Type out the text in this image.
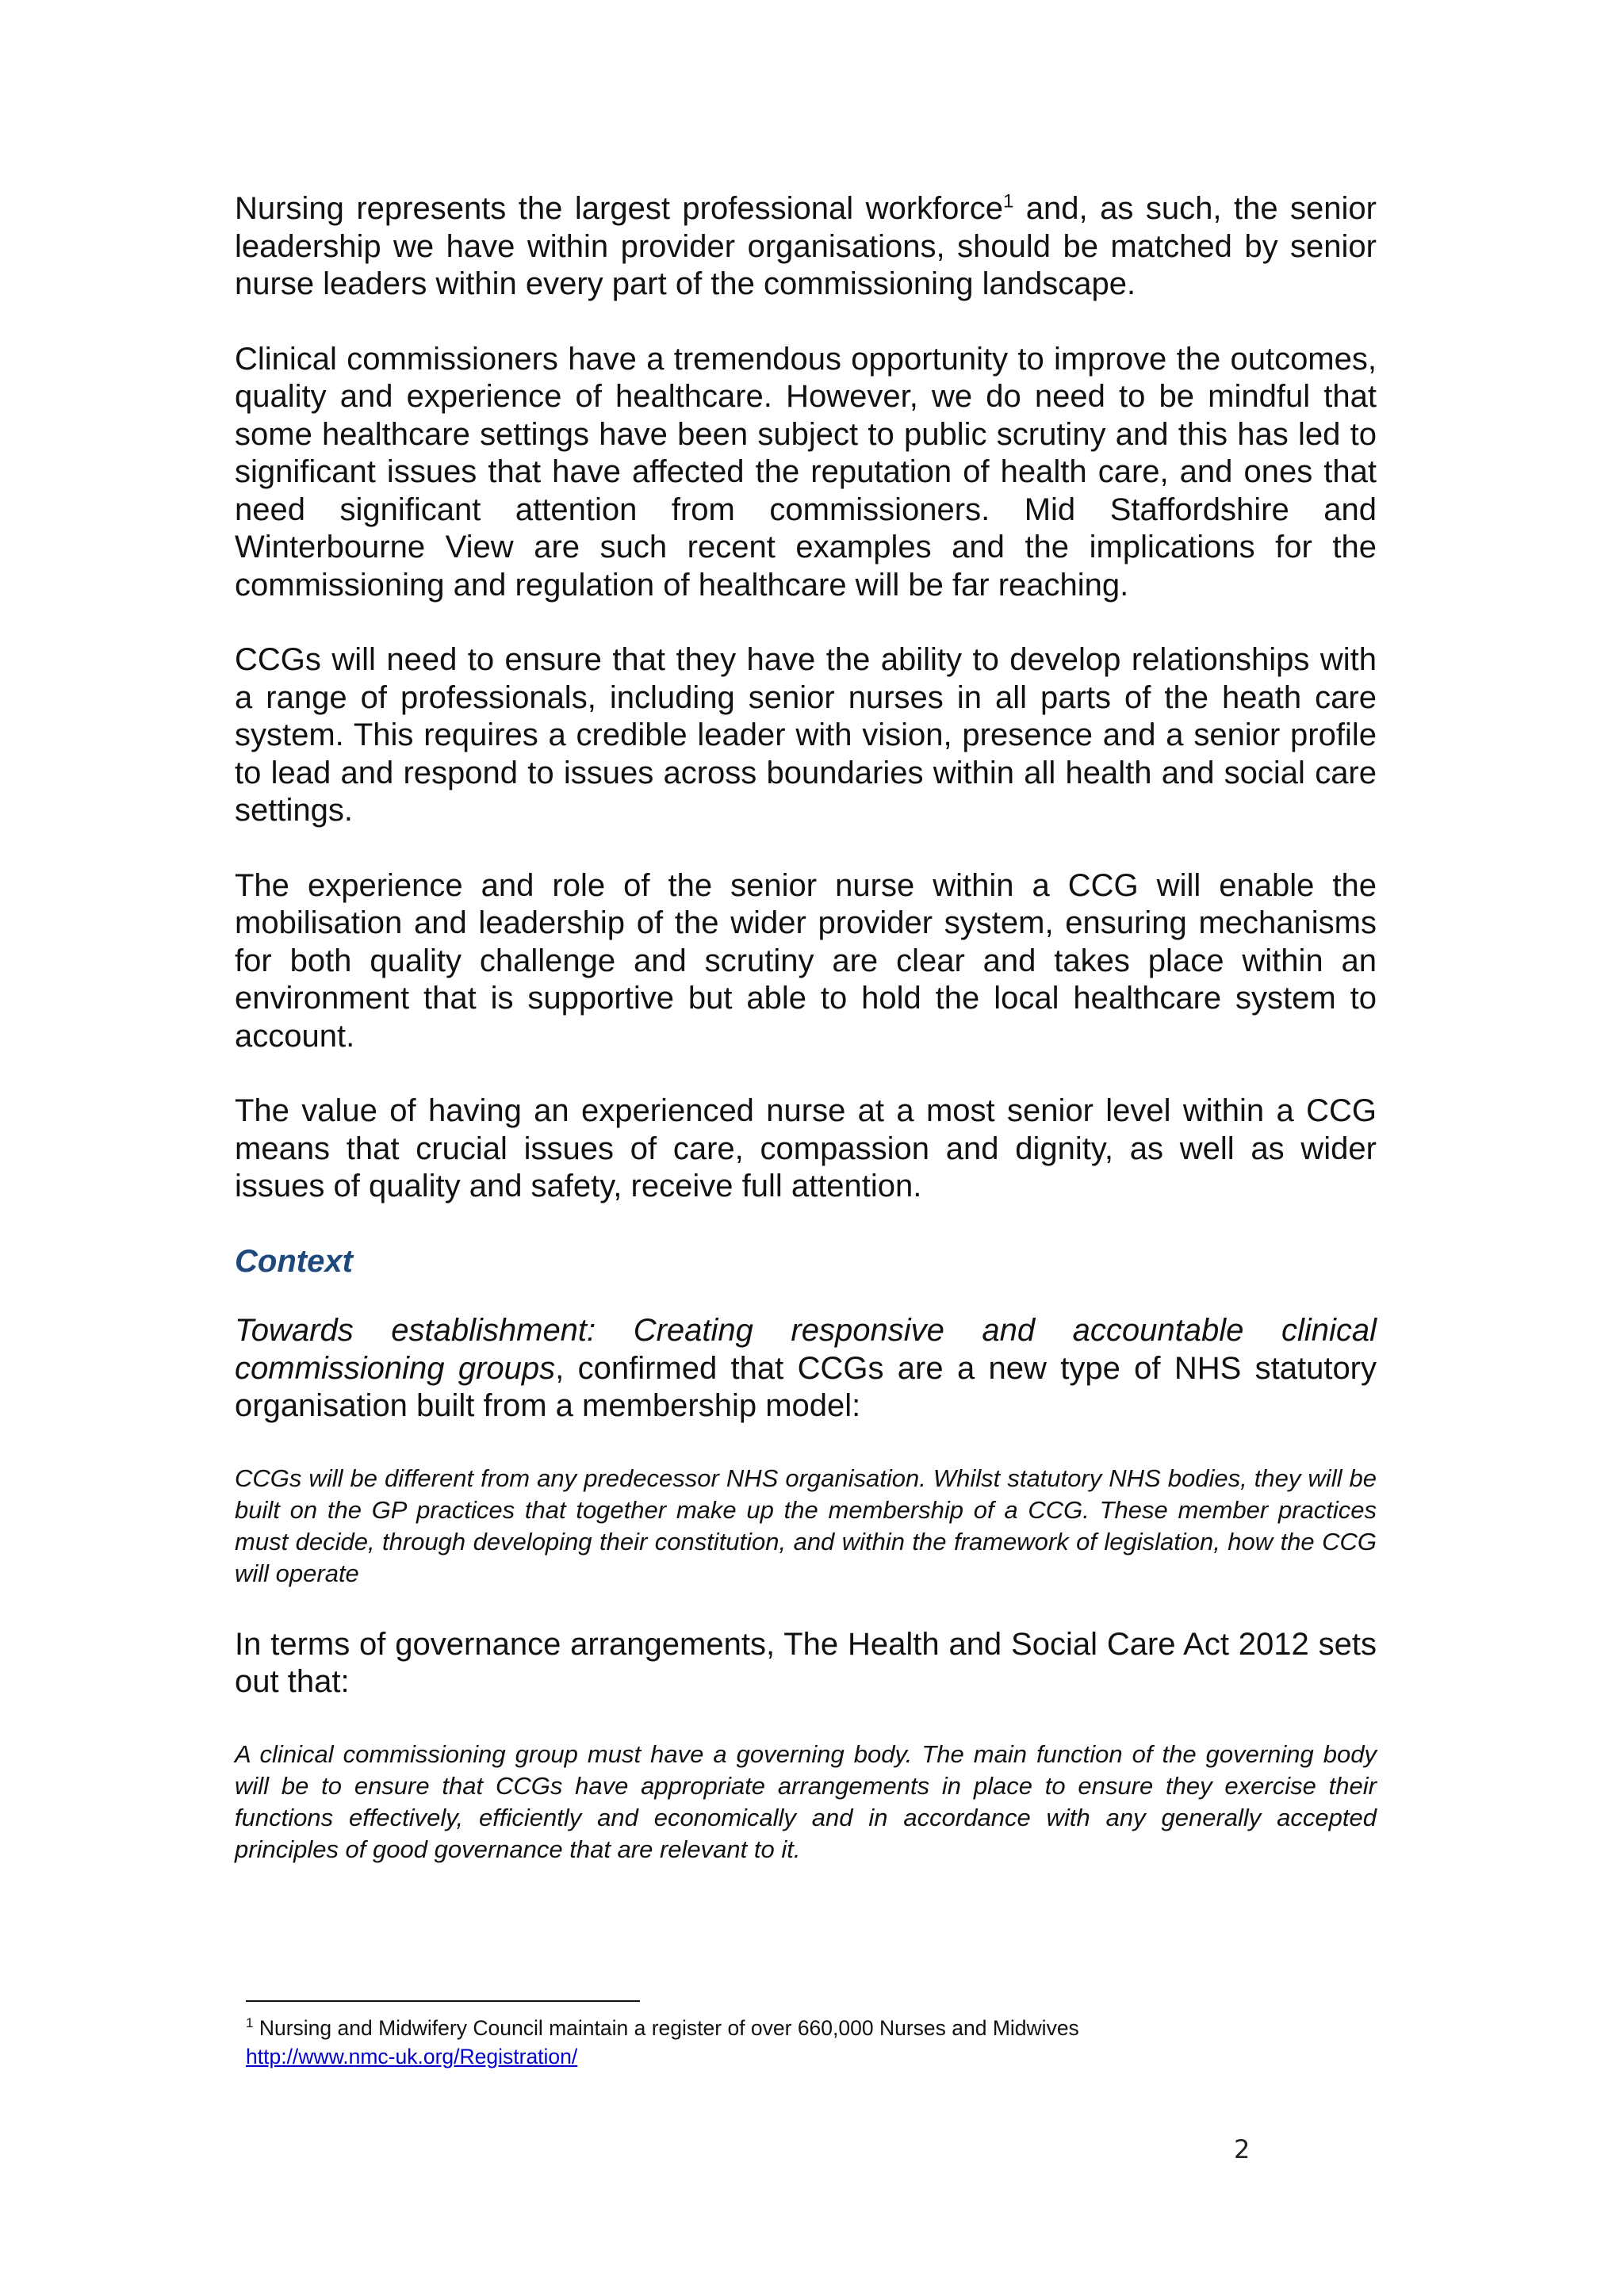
Nursing represents the largest professional workforce$^1$ and, as such, the senior leadership we have within provider organisations, should be matched by senior nurse leaders within every part of the commissioning landscape.

Clinical commissioners have a tremendous opportunity to improve the outcomes, quality and experience of healthcare. However, we do need to be mindful that some healthcare settings have been subject to public scrutiny and this has led to significant issues that have affected the reputation of health care, and ones that need significant attention from commissioners. Mid Staffordshire and Winterbourne View are such recent examples and the implications for the commissioning and regulation of healthcare will be far reaching.

CCGs will need to ensure that they have the ability to develop relationships with a range of professionals, including senior nurses in all parts of the heath care system. This requires a credible leader with vision, presence and a senior profile to lead and respond to issues across boundaries within all health and social care settings.

The experience and role of the senior nurse within a CCG will enable the mobilisation and leadership of the wider provider system, ensuring mechanisms for both quality challenge and scrutiny are clear and takes place within an environment that is supportive but able to hold the local healthcare system to account.

The value of having an experienced nurse at a most senior level within a CCG means that crucial issues of care, compassion and dignity, as well as wider issues of quality and safety, receive full attention.

Context

Towards establishment: Creating responsive and accountable clinical commissioning groups, confirmed that CCGs are a new type of NHS statutory organisation built from a membership model:

CCGs will be different from any predecessor NHS organisation. Whilst statutory NHS bodies, they will be built on the GP practices that together make up the membership of a CCG. These member practices must decide, through developing their constitution, and within the framework of legislation, how the CCG will operate

In terms of governance arrangements, The Health and Social Care Act 2012 sets out that:

A clinical commissioning group must have a governing body. The main function of the governing body will be to ensure that CCGs have appropriate arrangements in place to ensure they exercise their functions effectively, efficiently and economically and in accordance with any generally accepted principles of good governance that are relevant to it.

$^1$ Nursing and Midwifery Council maintain a register of over 660,000 Nurses and Midwives
http://www.nmc-uk.org/Registration/
2
